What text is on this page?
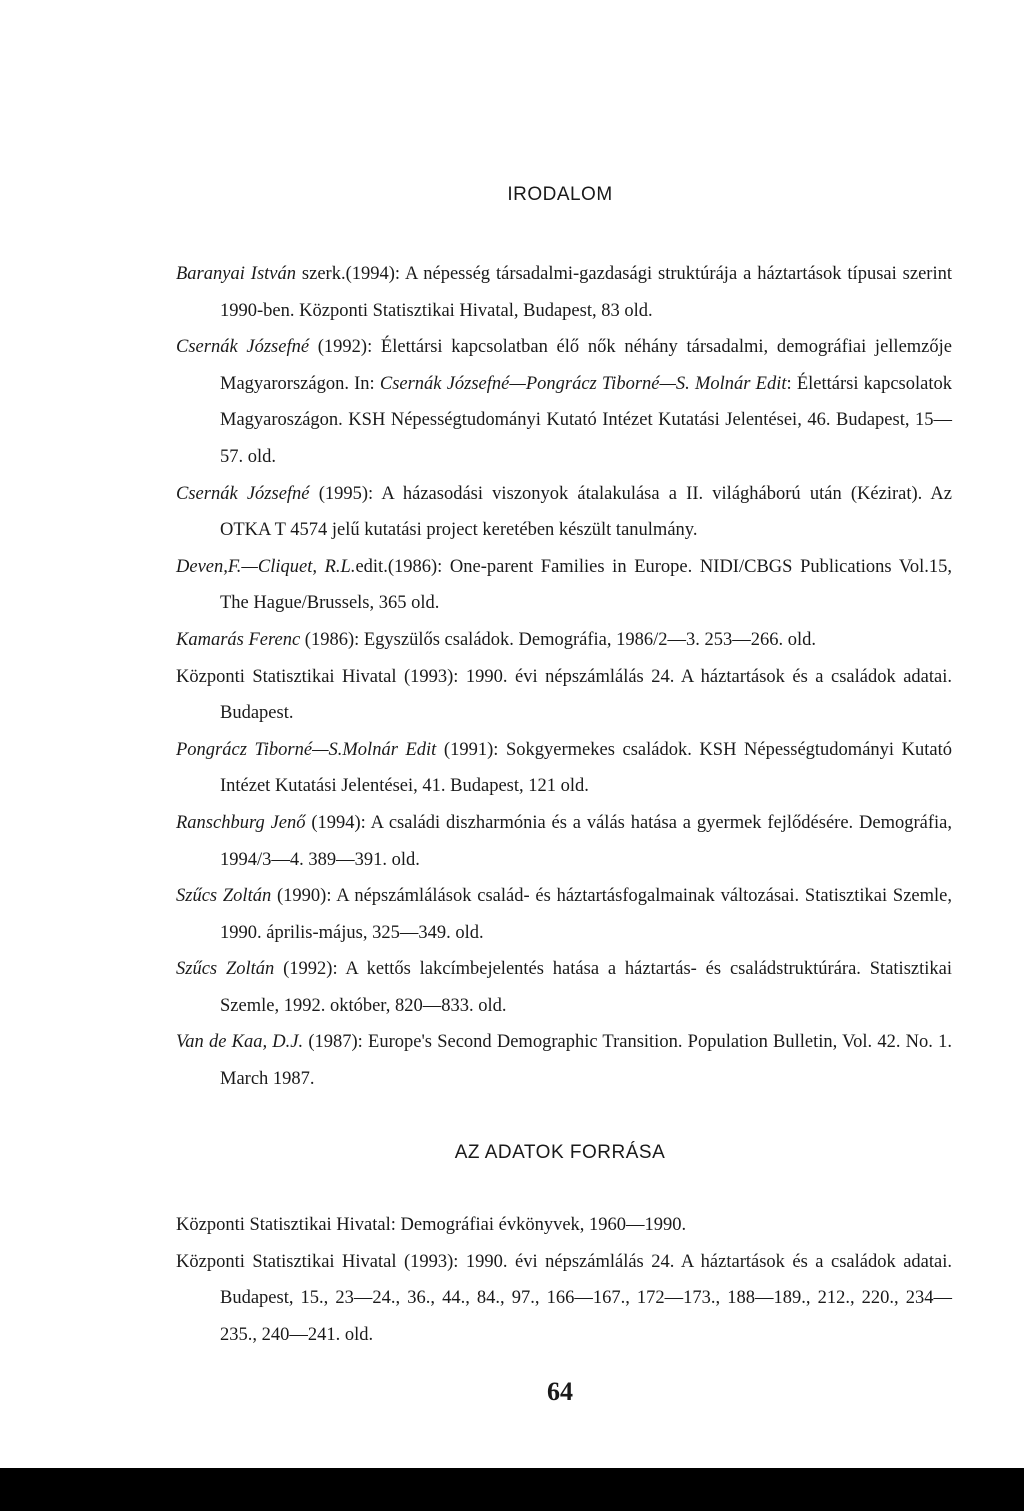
IRODALOM
Baranyai István szerk.(1994): A népesség társadalmi-gazdasági struktúrája a háztartások típusai szerint 1990-ben. Központi Statisztikai Hivatal, Budapest, 83 old.
Csernák Józsefné (1992): Élettársi kapcsolatban élő nők néhány társadalmi, demográfiai jellemzője Magyarországon. In: Csernák Józsefné—Pongrácz Tiborné—S. Molnár Edit: Élettársi kapcsolatok Magyaroszágon. KSH Népességtudományi Kutató Intézet Kutatási Jelentései, 46. Budapest, 15—57. old.
Csernák Józsefné (1995): A házasodási viszonyok átalakulása a II. világháború után (Kézirat). Az OTKA T 4574 jelű kutatási project keretében készült tanulmány.
Deven,F.—Cliquet, R.L.edit.(1986): One-parent Families in Europe. NIDI/CBGS Publications Vol.15, The Hague/Brussels, 365 old.
Kamarás Ferenc (1986): Egyszülős családok. Demográfia, 1986/2—3. 253—266. old.
Központi Statisztikai Hivatal (1993): 1990. évi népszámlálás 24. A háztartások és a családok adatai. Budapest.
Pongrácz Tiborné—S.Molnár Edit (1991): Sokgyermekes családok. KSH Népességtudományi Kutató Intézet Kutatási Jelentései, 41. Budapest, 121 old.
Ranschburg Jenő (1994): A családi diszharmónia és a válás hatása a gyermek fejlődésére. Demográfia, 1994/3—4. 389—391. old.
Szűcs Zoltán (1990): A népszámlálások család- és háztartásfogalmainak változásai. Statisztikai Szemle, 1990. április-május, 325—349. old.
Szűcs Zoltán (1992): A kettős lakcímbejelentés hatása a háztartás- és családstruktúrára. Statisztikai Szemle, 1992. október, 820—833. old.
Van de Kaa, D.J. (1987): Europe's Second Demographic Transition. Population Bulletin, Vol. 42. No. 1. March 1987.
AZ ADATOK FORRÁSA
Központi Statisztikai Hivatal: Demográfiai évkönyvek, 1960—1990.
Központi Statisztikai Hivatal (1993): 1990. évi népszámlálás 24. A háztartások és a családok adatai. Budapest, 15., 23—24., 36., 44., 84., 97., 166—167., 172—173., 188—189., 212., 220., 234—235., 240—241. old.
64
